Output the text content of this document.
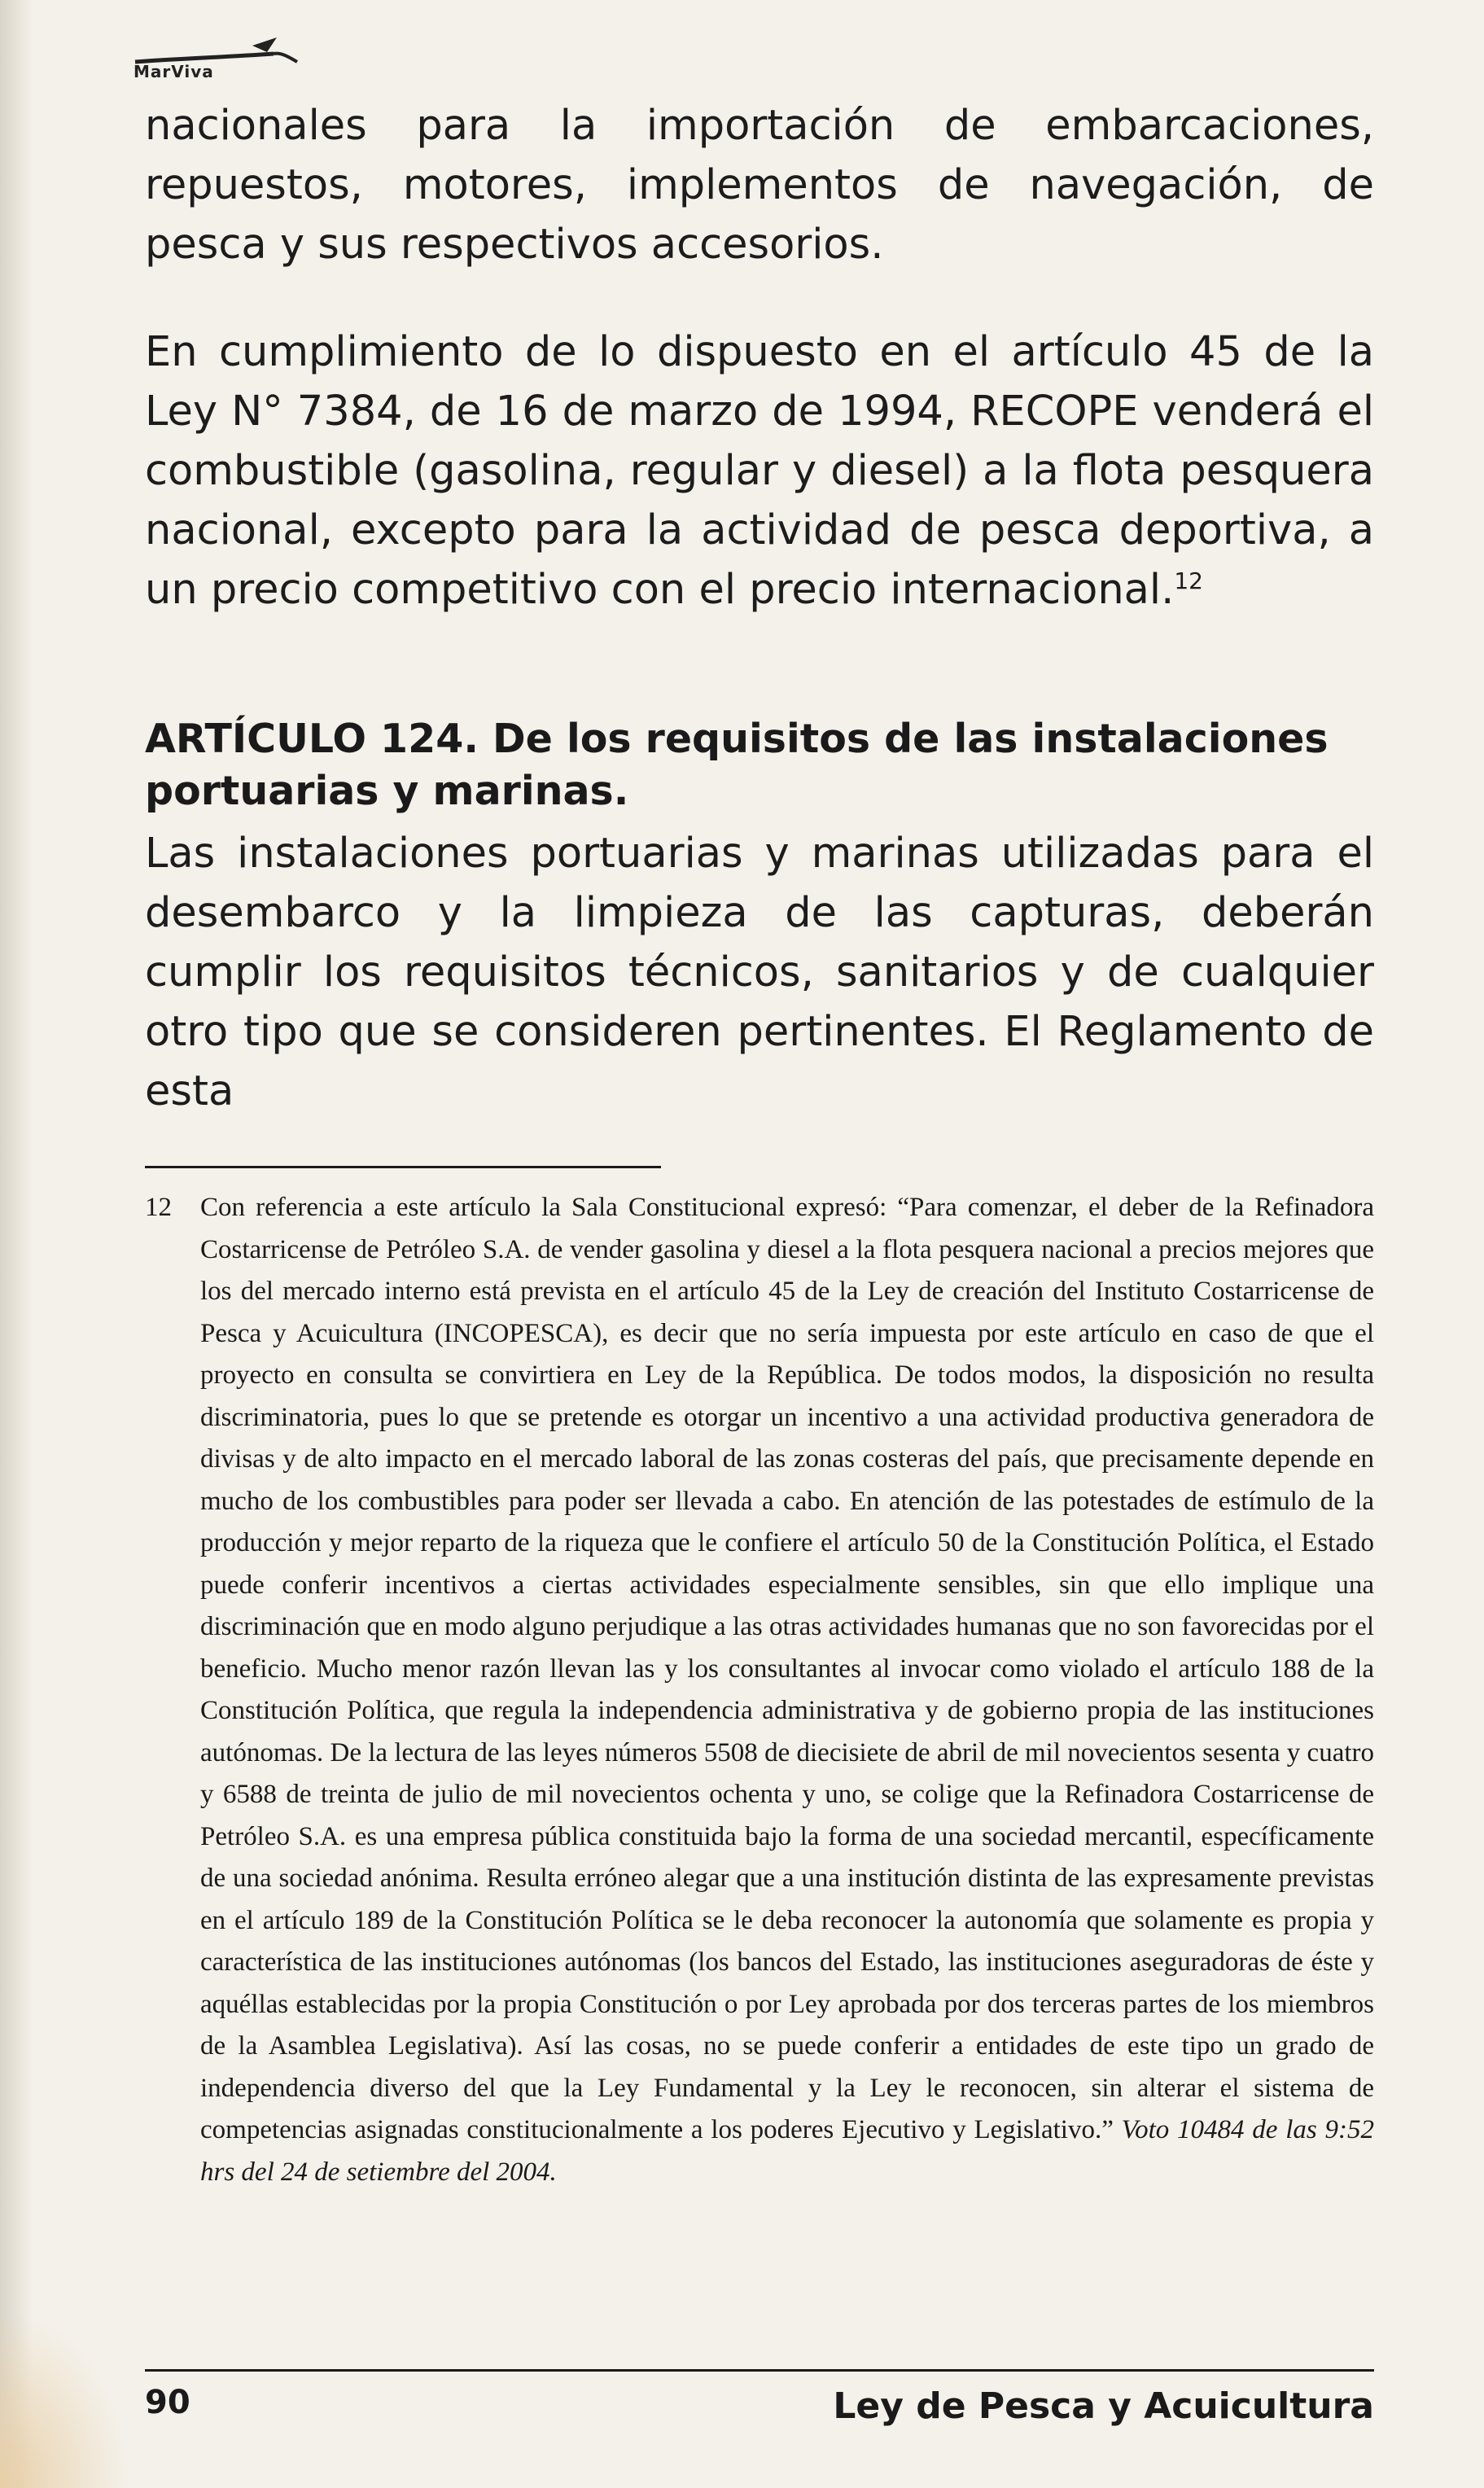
MarViva

nacionales para la importación de embarcaciones, repuestos, motores, implementos de navegación, de pesca y sus respectivos accesorios.

En cumplimiento de lo dispuesto en el artículo 45 de la Ley N° 7384, de 16 de marzo de 1994, RECOPE venderá el combustible (gasolina, regular y diesel) a la flota pesquera nacional, excepto para la actividad de pesca deportiva, a un precio competitivo con el precio internacional.$^{12}$

ARTÍCULO 124. De los requisitos de las instalaciones portuarias y marinas.

Las instalaciones portuarias y marinas utilizadas para el desembarco y la limpieza de las capturas, deberán cumplir los requisitos técnicos, sanitarios y de cualquier otro tipo que se consideren pertinentes. El Reglamento de esta

12 Con referencia a este artículo la Sala Constitucional expresó: “Para comenzar, el deber de la Refinadora Costarricense de Petróleo S.A. de vender gasolina y diesel a la flota pesquera nacional a precios mejores que los del mercado interno está prevista en el artículo 45 de la Ley de creación del Instituto Costarricense de Pesca y Acuicultura (INCOPESCA), es decir que no sería impuesta por este artículo en caso de que el proyecto en consulta se convirtiera en Ley de la República. De todos modos, la disposición no resulta discriminatoria, pues lo que se pretende es otorgar un incentivo a una actividad productiva generadora de divisas y de alto impacto en el mercado laboral de las zonas costeras del país, que precisamente depende en mucho de los combustibles para poder ser llevada a cabo. En atención de las potestades de estímulo de la producción y mejor reparto de la riqueza que le confiere el artículo 50 de la Constitución Política, el Estado puede conferir incentivos a ciertas actividades especialmente sensibles, sin que ello implique una discriminación que en modo alguno perjudique a las otras actividades humanas que no son favorecidas por el beneficio. Mucho menor razón llevan las y los consultantes al invocar como violado el artículo 188 de la Constitución Política, que regula la independencia administrativa y de gobierno propia de las instituciones autónomas. De la lectura de las leyes números 5508 de diecisiete de abril de mil novecientos sesenta y cuatro y 6588 de treinta de julio de mil novecientos ochenta y uno, se colige que la Refinadora Costarricense de Petróleo S.A. es una empresa pública constituida bajo la forma de una sociedad mercantil, específicamente de una sociedad anónima. Resulta erróneo alegar que a una institución distinta de las expresamente previstas en el artículo 189 de la Constitución Política se le deba reconocer la autonomía que solamente es propia y característica de las instituciones autónomas (los bancos del Estado, las instituciones aseguradoras de éste y aquéllas establecidas por la propia Constitución o por Ley aprobada por dos terceras partes de los miembros de la Asamblea Legislativa). Así las cosas, no se puede conferir a entidades de este tipo un grado de independencia diverso del que la Ley Fundamental y la Ley le reconocen, sin alterar el sistema de competencias asignadas constitucionalmente a los poderes Ejecutivo y Legislativo.” Voto 10484 de las 9:52 hrs del 24 de setiembre del 2004.

90	Ley de Pesca y Acuicultura
